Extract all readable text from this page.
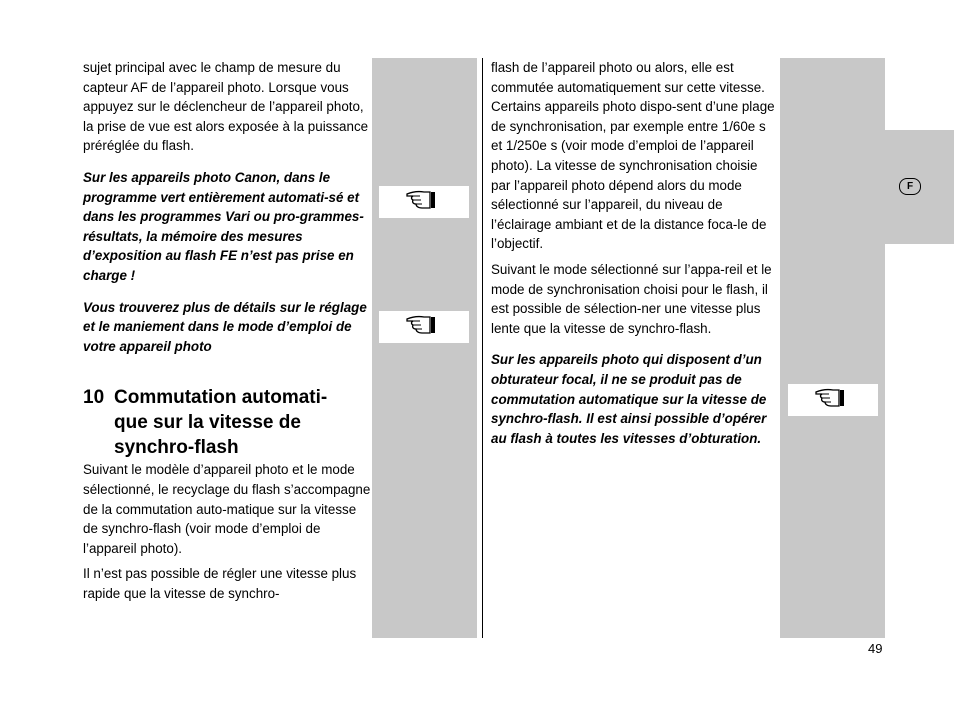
sujet principal avec le champ de mesure du capteur AF de l’appareil photo. Lorsque vous appuyez sur le déclencheur de l’appareil photo, la prise de vue est alors exposée à la puissance préréglée du flash.

Sur les appareils photo Canon, dans le programme vert entièrement automati-sé et dans les programmes Vari ou pro-grammes-résultats, la mémoire des mesures d’exposition au flash FE n’est pas prise en charge !

Vous trouverez plus de détails sur le réglage et le maniement dans le mode d’emploi de votre appareil photo

10 Commutation automati-
que sur la vitesse de
synchro-flash

Suivant le modèle d’appareil photo et le mode sélectionné, le recyclage du flash s’accompagne de la commutation auto-matique sur la vitesse de synchro-flash (voir mode d’emploi de l’appareil photo).

Il n’est pas possible de régler une vitesse plus rapide que la vitesse de synchro-

flash de l’appareil photo ou alors, elle est commutée automatiquement sur cette vitesse. Certains appareils photo dispo-sent d’une plage de synchronisation, par exemple entre 1/60e s et 1/250e s (voir mode d’emploi de l’appareil photo). La vitesse de synchronisation choisie par l’appareil photo dépend alors du mode sélectionné sur l’appareil, du niveau de l’éclairage ambiant et de la distance foca-le de l’objectif.

Suivant le mode sélectionné sur l’appa-reil et le mode de synchronisation choisi pour le flash, il est possible de sélection-ner une vitesse plus lente que la vitesse de synchro-flash.

Sur les appareils photo qui disposent d’un obturateur focal, il ne se produit pas de commutation automatique sur la vitesse de synchro-flash. Il est ainsi possible d’opérer au flash à toutes les vitesses d’obturation.

F
49
